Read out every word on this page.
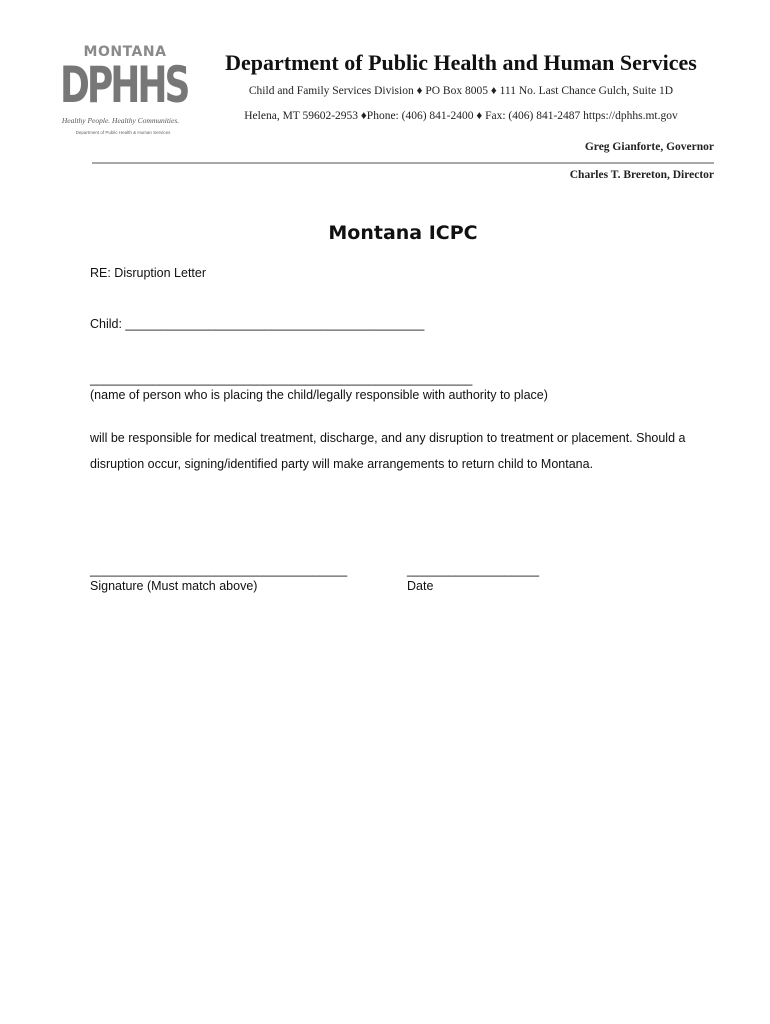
MONTANA
DPHHS
Healthy People. Healthy Communities.
Department of Public Health & Human Services
Department of Public Health and Human Services
Child and Family Services Division ♦ PO Box 8005 ♦ 111 No. Last Chance Gulch, Suite 1D
Helena, MT 59602-2953 ♦Phone: (406) 841-2400 ♦ Fax: (406) 841-2487 https://dphhs.mt.gov
Greg Gianforte, Governor
Charles T. Brereton, Director
Montana ICPC
RE: Disruption Letter
Child: ___________________________________________
_______________________________________________________
(name of person who is placing the child/legally responsible with authority to place)
will be responsible for medical treatment, discharge, and any disruption to treatment or placement. Should a
disruption occur, signing/identified party will make arrangements to return child to Montana.
_____________________________________
Signature (Must match above)
___________________
Date
